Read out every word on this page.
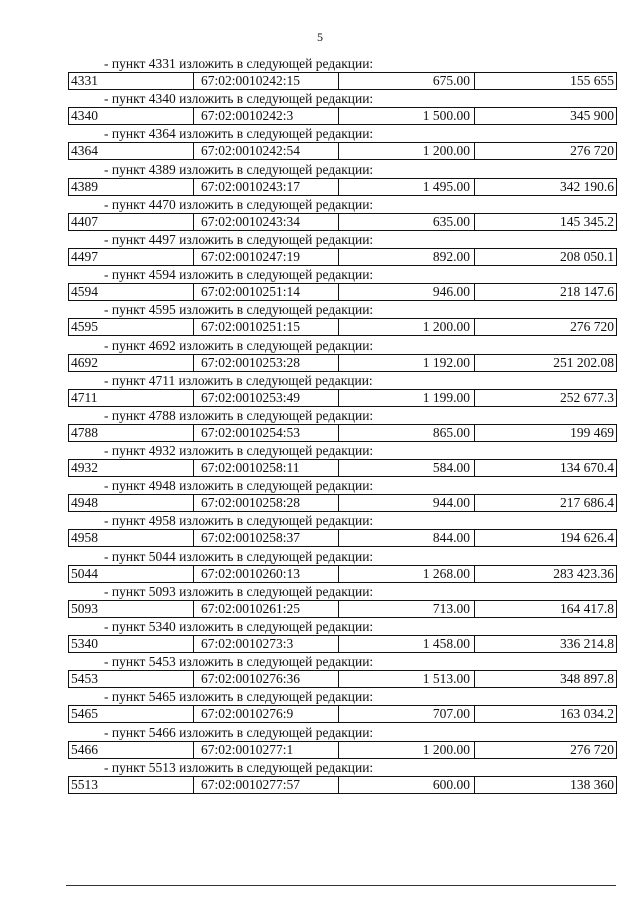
5
- пункт 4331 изложить в следующей редакции:
4331	67:02:0010242:15	675.00	155 655
- пункт 4340 изложить в следующей редакции:
4340	67:02:0010242:3	1 500.00	345 900
- пункт 4364 изложить в следующей редакции:
4364	67:02:0010242:54	1 200.00	276 720
- пункт 4389 изложить в следующей редакции:
4389	67:02:0010243:17	1 495.00	342 190.6
- пункт 4470 изложить в следующей редакции:
4407	67:02:0010243:34	635.00	145 345.2
- пункт 4497 изложить в следующей редакции:
4497	67:02:0010247:19	892.00	208 050.1
- пункт 4594 изложить в следующей редакции:
4594	67:02:0010251:14	946.00	218 147.6
- пункт 4595 изложить в следующей редакции:
4595	67:02:0010251:15	1 200.00	276 720
- пункт 4692 изложить в следующей редакции:
4692	67:02:0010253:28	1 192.00	251 202.08
- пункт 4711 изложить в следующей редакции:
4711	67:02:0010253:49	1 199.00	252 677.3
- пункт 4788 изложить в следующей редакции:
4788	67:02:0010254:53	865.00	199 469
- пункт 4932 изложить в следующей редакции:
4932	67:02:0010258:11	584.00	134 670.4
- пункт 4948 изложить в следующей редакции:
4948	67:02:0010258:28	944.00	217 686.4
- пункт 4958 изложить в следующей редакции:
4958	67:02:0010258:37	844.00	194 626.4
- пункт 5044 изложить в следующей редакции:
5044	67:02:0010260:13	1 268.00	283 423.36
- пункт 5093 изложить в следующей редакции:
5093	67:02:0010261:25	713.00	164 417.8
- пункт 5340 изложить в следующей редакции:
5340	67:02:0010273:3	1 458.00	336 214.8
- пункт 5453 изложить в следующей редакции:
5453	67:02:0010276:36	1 513.00	348 897.8
- пункт 5465 изложить в следующей редакции:
5465	67:02:0010276:9	707.00	163 034.2
- пункт 5466 изложить в следующей редакции:
5466	67:02:0010277:1	1 200.00	276 720
- пункт 5513 изложить в следующей редакции:
5513	67:02:0010277:57	600.00	138 360
